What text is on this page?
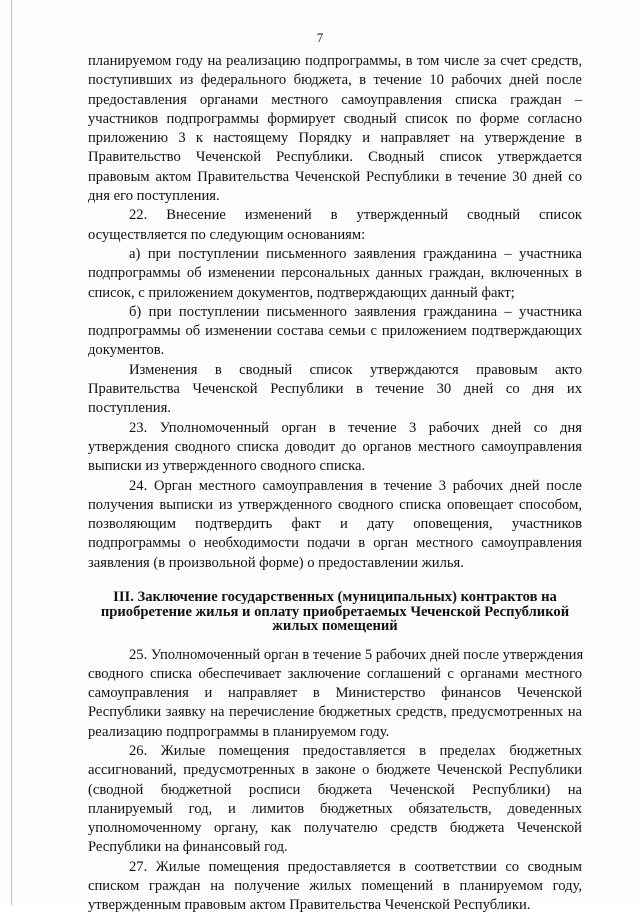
7
планируемом году на реализацию подпрограммы, в том числе за счет средств,
поступивших из федерального бюджета, в течение 10 рабочих дней после
предоставления органами местного самоуправления списка граждан –
участников подпрограммы формирует сводный список по форме согласно
приложению 3 к настоящему Порядку и направляет на утверждение в
Правительство Чеченской Республики. Сводный список утверждается
правовым актом Правительства Чеченской Республики в течение 30 дней со
дня его поступления.
22. Внесение изменений в утвержденный сводный список
осуществляется по следующим основаниям:
а) при поступлении письменного заявления гражданина – участника
подпрограммы об изменении персональных данных граждан, включенных в
список, с приложением документов, подтверждающих данный факт;
б) при поступлении письменного заявления гражданина – участника
подпрограммы об изменении состава семьи с приложением подтверждающих
документов.
Изменения в сводный список утверждаются правовым акто
Правительства Чеченской Республики в течение 30 дней со дня их
поступления.
23. Уполномоченный орган в течение 3 рабочих дней со дня
утверждения сводного списка доводит до органов местного самоуправления
выписки из утвержденного сводного списка.
24. Орган местного самоуправления в течение 3 рабочих дней после
получения выписки из утвержденного сводного списка оповещает способом,
позволяющим подтвердить факт и дату оповещения, участников
подпрограммы о необходимости подачи в орган местного самоуправления
заявления (в произвольной форме) о предоставлении жилья.
III. Заключение государственных (муниципальных) контрактов на
приобретение жилья и оплату приобретаемых Чеченской Республикой
жилых помещений
25. Уполномоченный орган в течение 5 рабочих дней после утверждения
сводного списка обеспечивает заключение соглашений с органами местного
самоуправления и направляет в Министерство финансов Чеченской
Республики заявку на перечисление бюджетных средств, предусмотренных на
реализацию подпрограммы в планируемом году.
26. Жилые помещения предоставляется в пределах бюджетных
ассигнований, предусмотренных в законе о бюджете Чеченской Республики
(сводной бюджетной росписи бюджета Чеченской Республики) на
планируемый год, и лимитов бюджетных обязательств, доведенных
уполномоченному органу, как получателю средств бюджета Чеченской
Республики на финансовый год.
27. Жилые помещения предоставляется в соответствии со сводным
списком граждан на получение жилых помещений в планируемом году,
утвержденным правовым актом Правительства Чеченской Республики.
